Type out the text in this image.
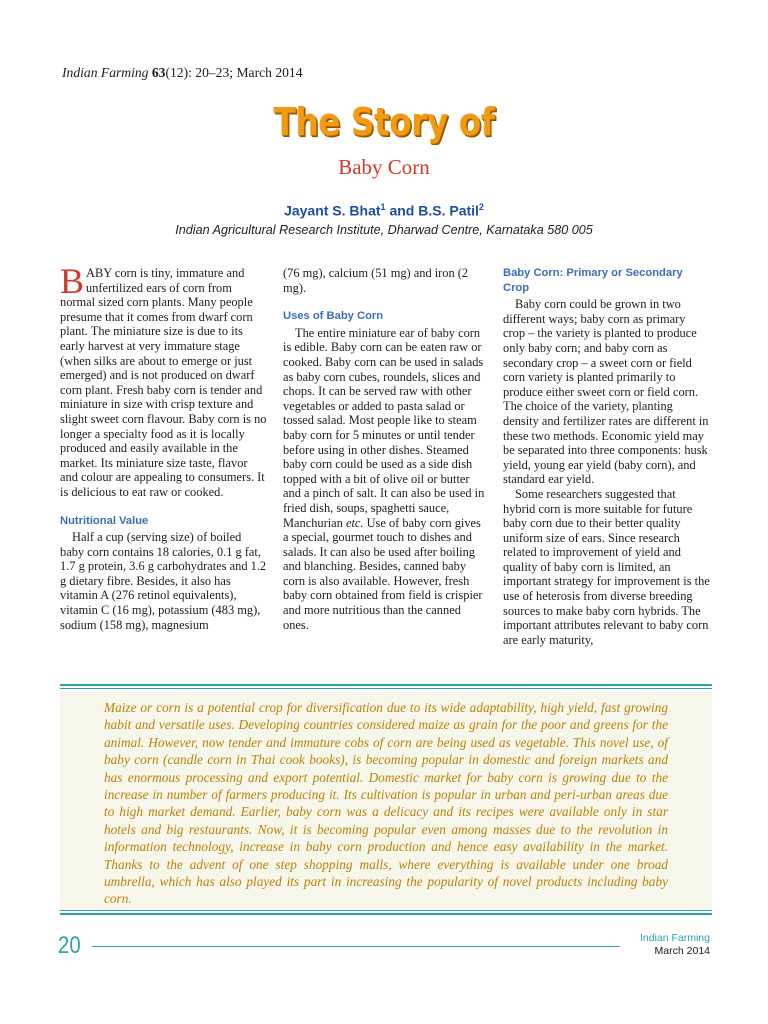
Indian Farming 63(12): 20–23; March 2014
The Story of
Baby Corn
Jayant S. Bhat$^1$ and B.S. Patil$^2$
Indian Agricultural Research Institute, Dharwad Centre, Karnataka 580 005

BABY corn is tiny, immature and unfertilized ears of corn from normal sized corn plants. Many people presume that it comes from dwarf corn plant. The miniature size is due to its early harvest at very immature stage (when silks are about to emerge or just emerged) and is not produced on dwarf corn plant. Fresh baby corn is tender and miniature in size with crisp texture and slight sweet corn flavour. Baby corn is no longer a specialty food as it is locally produced and easily available in the market. Its miniature size taste, flavor and colour are appealing to consumers. It is delicious to eat raw or cooked.

Nutritional Value

Half a cup (serving size) of boiled baby corn contains 18 calories, 0.1 g fat, 1.7 g protein, 3.6 g carbohydrates and 1.2 g dietary fibre. Besides, it also has vitamin A (276 retinol equivalents), vitamin C (16 mg), potassium (483 mg), sodium (158 mg), magnesium

(76 mg), calcium (51 mg) and iron (2 mg).

Uses of Baby Corn

The entire miniature ear of baby corn is edible. Baby corn can be eaten raw or cooked. Baby corn can be used in salads as baby corn cubes, roundels, slices and chops. It can be served raw with other vegetables or added to pasta salad or tossed salad. Most people like to steam baby corn for 5 minutes or until tender before using in other dishes. Steamed baby corn could be used as a side dish topped with a bit of olive oil or butter and a pinch of salt. It can also be used in fried dish, soups, spaghetti sauce, Manchurian etc. Use of baby corn gives a special, gourmet touch to dishes and salads. It can also be used after boiling and blanching. Besides, canned baby corn is also available. However, fresh baby corn obtained from field is crispier and more nutritious than the canned ones.

Baby Corn: Primary or Secondary Crop

Baby corn could be grown in two different ways; baby corn as primary crop – the variety is planted to produce only baby corn; and baby corn as secondary crop – a sweet corn or field corn variety is planted primarily to produce either sweet corn or field corn. The choice of the variety, planting density and fertilizer rates are different in these two methods. Economic yield may be separated into three components: husk yield, young ear yield (baby corn), and standard ear yield.

Some researchers suggested that hybrid corn is more suitable for future baby corn due to their better quality uniform size of ears. Since research related to improvement of yield and quality of baby corn is limited, an important strategy for improvement is the use of heterosis from diverse breeding sources to make baby corn hybrids. The important attributes relevant to baby corn are early maturity,

Maize or corn is a potential crop for diversification due to its wide adaptability, high yield, fast growing habit and versatile uses. Developing countries considered maize as grain for the poor and greens for the animal. However, now tender and immature cobs of corn are being used as vegetable. This novel use, of baby corn (candle corn in Thai cook books), is becoming popular in domestic and foreign markets and has enormous processing and export potential. Domestic market for baby corn is growing due to the increase in number of farmers producing it. Its cultivation is popular in urban and peri-urban areas due to high market demand. Earlier, baby corn was a delicacy and its recipes were available only in star hotels and big restaurants. Now, it is becoming popular even among masses due to the revolution in information technology, increase in baby corn production and hence easy availability in the market. Thanks to the advent of one step shopping malls, where everything is available under one broad umbrella, which has also played its part in increasing the popularity of novel products including baby corn.

20	Indian Farming
March 2014
